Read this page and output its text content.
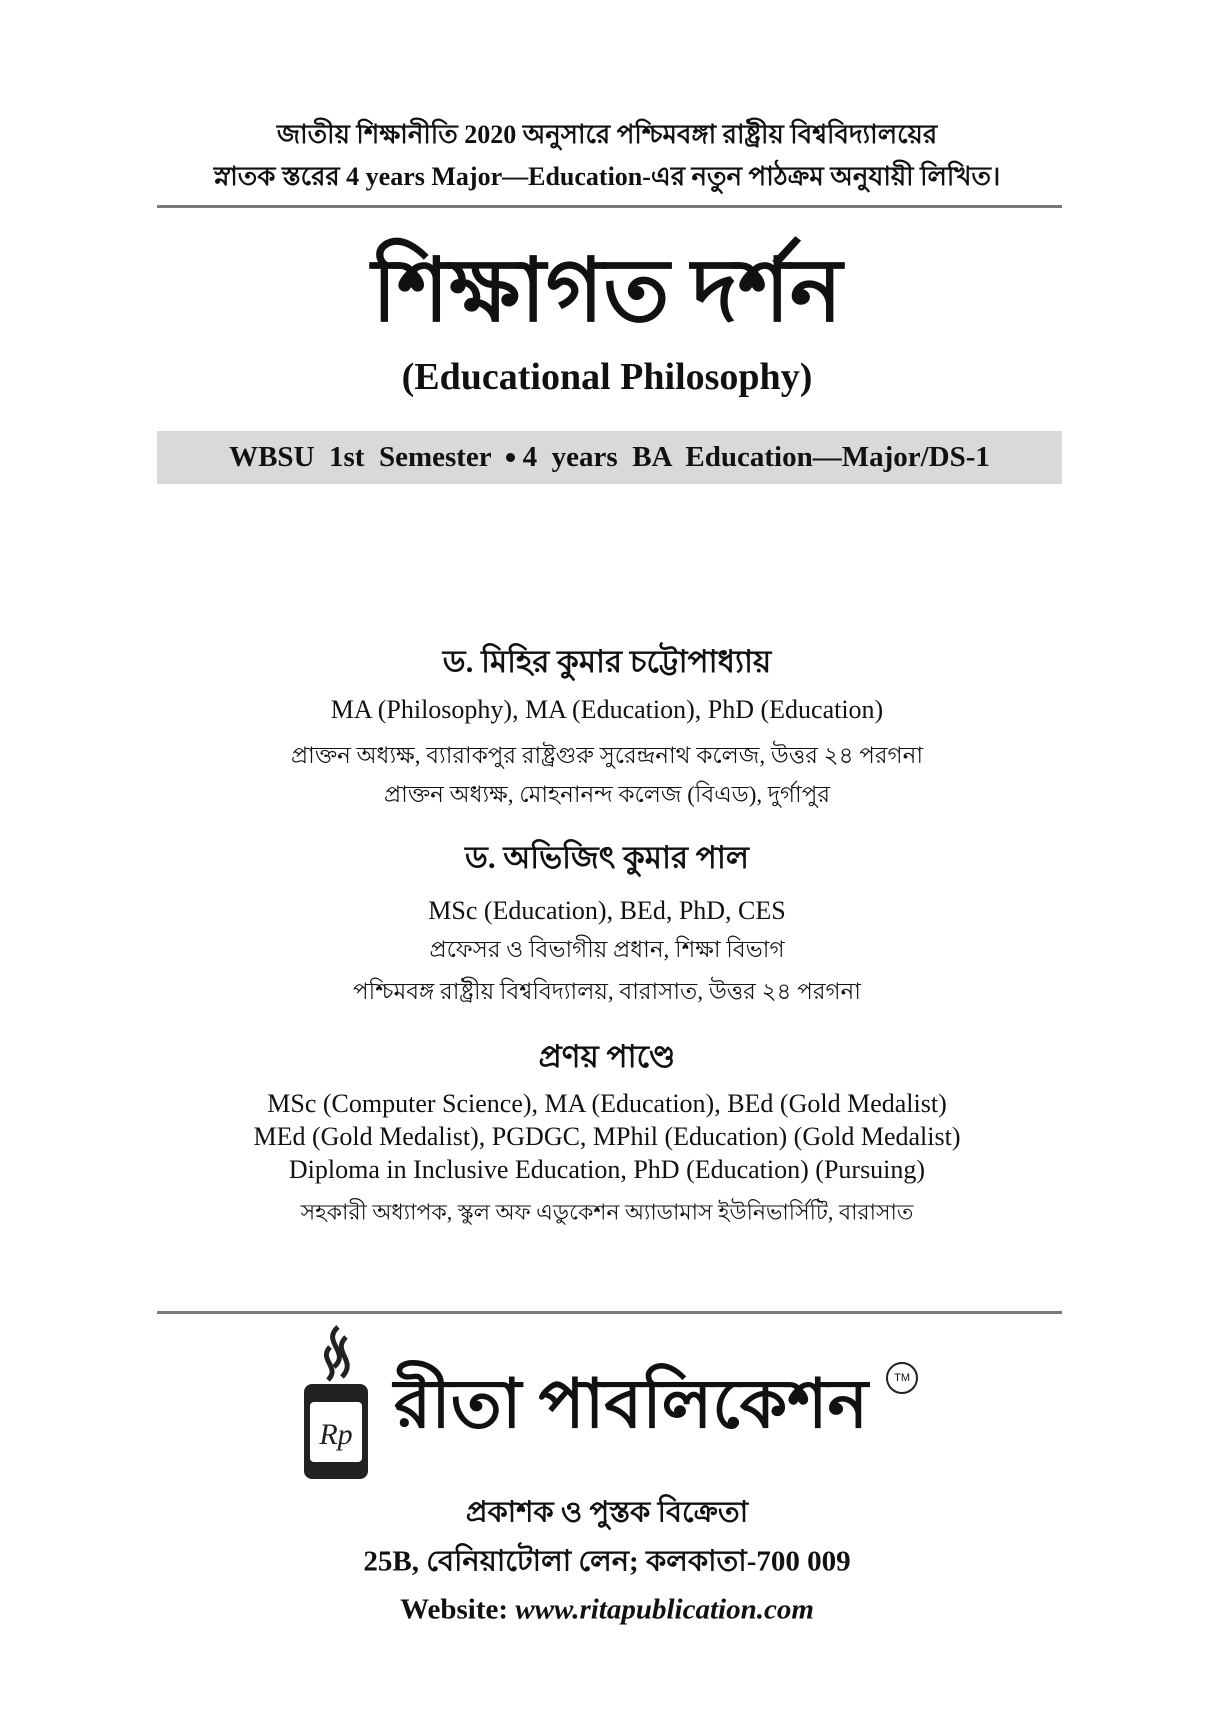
জাতীয় শিক্ষানীতি 2020 অনুসারে পশ্চিমবঙ্গা রাষ্ট্রীয় বিশ্ববিদ্যালয়ের
স্নাতক স্তরের 4 years Major—Education-এর নতুন পাঠক্রম অনুযায়ী লিখিত।
শিক্ষাগত দর্শন
(Educational Philosophy)
WBSU  1st  Semester 4  years  BA  Education—Major/DS-1
ড. মিহির কুমার চট্টোপাধ্যায়
MA (Philosophy), MA (Education), PhD (Education)
প্রাক্তন অধ্যক্ষ, ব্যারাকপুর রাষ্ট্রগুরু সুরেন্দ্রনাথ কলেজ, উত্তর ২৪ পরগনা
প্রাক্তন অধ্যক্ষ, মোহনানন্দ কলেজ (বিএড), দুর্গাপুর
ড. অভিজিৎ কুমার পাল
MSc (Education), BEd, PhD, CES
প্রফেসর ও বিভাগীয় প্রধান, শিক্ষা বিভাগ
পশ্চিমবঙ্গ রাষ্ট্রীয় বিশ্ববিদ্যালয়, বারাসাত, উত্তর ২৪ পরগনা
প্রণয় পাণ্ডে
MSc (Computer Science), MA (Education), BEd (Gold Medalist)
MEd (Gold Medalist), PGDGC, MPhil (Education) (Gold Medalist)
Diploma in Inclusive Education, PhD (Education) (Pursuing)
সহকারী অধ্যাপক, স্কুল অফ এডুকেশন অ্যাডামাস ইউনিভার্সিটি, বারাসাত
Rp রীতা পাবলিকেশন	TM
প্রকাশক ও পুস্তক বিক্রেতা
25B, বেনিয়াটোলা লেন; কলকাতা-700 009
Website: www.ritapublication.com
